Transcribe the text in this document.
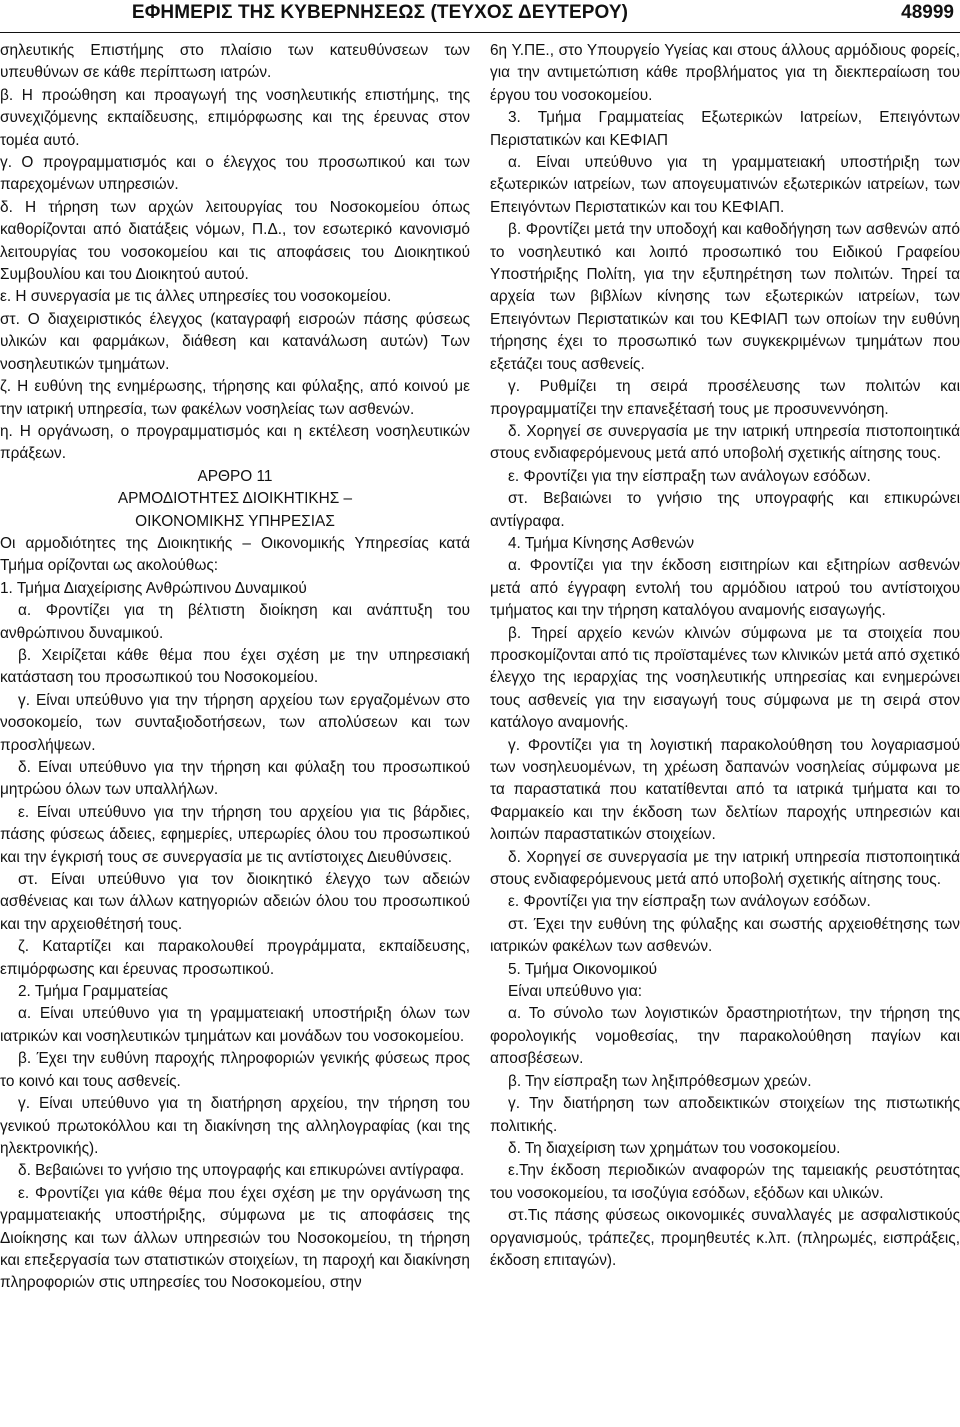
ΕΦΗΜΕΡΙΣ ΤΗΣ ΚΥΒΕΡΝΗΣΕΩΣ (ΤΕΥΧΟΣ ΔΕΥΤΕΡΟΥ)	48999

σηλευτικής Επιστήμης στο πλαίσιο των κατευθύνσεων των υπευθύνων σε κάθε περίπτωση ιατρών.

β. Η προώθηση και προαγωγή της νοσηλευτικής επιστήμης, της συνεχιζόμενης εκπαίδευσης, επιμόρφωσης και της έρευνας στον τομέα αυτό.

γ. Ο προγραμματισμός και ο έλεγχος του προσωπικού και των παρεχομένων υπηρεσιών.

δ. Η τήρηση των αρχών λειτουργίας του Νοσοκομείου όπως καθορίζονται από διατάξεις νόμων, Π.Δ., τον εσωτερικό κανονισμό λειτουργίας του νοσοκομείου και τις αποφάσεις του Διοικητικού Συμβουλίου και του Διοικητού αυτού.

ε. Η συνεργασία με τις άλλες υπηρεσίες του νοσοκομείου.

στ. Ο διαχειριστικός έλεγχος (καταγραφή εισροών πάσης φύσεως υλικών και φαρμάκων, διάθεση και κατανάλωση αυτών) Των νοσηλευτικών τμημάτων.

ζ. Η ευθύνη της ενημέρωσης, τήρησης και φύλαξης, από κοινού με την ιατρική υπηρεσία, των φακέλων νοσηλείας των ασθενών.

η. Η οργάνωση, ο προγραμματισμός και η εκτέλεση νοσηλευτικών πράξεων.

ΑΡΘΡΟ 11

ΑΡΜΟΔΙΟΤΗΤΕΣ ΔΙΟΙΚΗΤΙΚΗΣ –

ΟΙΚΟΝΟΜΙΚΗΣ ΥΠΗΡΕΣΙΑΣ

Οι αρμοδιότητες της Διοικητικής – Οικονομικής Υπηρεσίας κατά Τμήμα ορίζονται ως ακολούθως:

1. Τμήμα Διαχείρισης Ανθρώπινου Δυναμικού

α. Φροντίζει για τη βέλτιστη διοίκηση και ανάπτυξη του ανθρώπινου δυναμικού.

β. Χειρίζεται κάθε θέμα που έχει σχέση με την υπηρεσιακή κατάσταση του προσωπικού του Νοσοκομείου.

γ. Είναι υπεύθυνο για την τήρηση αρχείου των εργαζομένων στο νοσοκομείο, των συνταξιοδοτήσεων, των απολύσεων και των προσλήψεων.

δ. Είναι υπεύθυνο για την τήρηση και φύλαξη του προσωπικού μητρώου όλων των υπαλλήλων.

ε. Είναι υπεύθυνο για την τήρηση του αρχείου για τις βάρδιες, πάσης φύσεως άδειες, εφημερίες, υπερωρίες όλου του προσωπικού και την έγκρισή τους σε συνεργασία με τις αντίστοιχες Διευθύνσεις.

στ. Είναι υπεύθυνο για τον διοικητικό έλεγχο των αδειών ασθένειας και των άλλων κατηγοριών αδειών όλου του προσωπικού και την αρχειοθέτησή τους.

ζ. Καταρτίζει και παρακολουθεί προγράμματα, εκπαίδευσης, επιμόρφωσης και έρευνας προσωπικού.

2. Τμήμα Γραμματείας

α. Είναι υπεύθυνο για τη γραμματειακή υποστήριξη όλων των ιατρικών και νοσηλευτικών τμημάτων και μονάδων του νοσοκομείου.

β. Έχει την ευθύνη παροχής πληροφοριών γενικής φύσεως προς το κοινό και τους ασθενείς.

γ. Είναι υπεύθυνο για τη διατήρηση αρχείου, την τήρηση του γενικού πρωτοκόλλου και τη διακίνηση της αλληλογραφίας (και της ηλεκτρονικής).

δ. Βεβαιώνει το γνήσιο της υπογραφής και επικυρώνει αντίγραφα.

ε. Φροντίζει για κάθε θέμα που έχει σχέση με την οργάνωση της γραμματειακής υποστήριξης, σύμφωνα με τις αποφάσεις της Διοίκησης και των άλλων υπηρεσιών του Νοσοκομείου, τη τήρηση και επεξεργασία των στατιστικών στοιχείων, τη παροχή και διακίνηση πληροφοριών στις υπηρεσίες του Νοσοκομείου, στην

6η Υ.ΠΕ., στο Υπουργείο Υγείας και στους άλλους αρμόδιους φορείς, για την αντιμετώπιση κάθε προβλήματος για τη διεκπεραίωση του έργου του νοσοκομείου.

3. Τμήμα Γραμματείας Εξωτερικών Ιατρείων, Επειγόντων Περιστατικών και ΚΕΦΙΑΠ

α. Είναι υπεύθυνο για τη γραμματειακή υποστήριξη των εξωτερικών ιατρείων, των απογευματινών εξωτερικών ιατρείων, των Επειγόντων Περιστατικών και του ΚΕΦΙΑΠ.

β. Φροντίζει μετά την υποδοχή και καθοδήγηση των ασθενών από το νοσηλευτικό και λοιπό προσωπικό του Ειδικού Γραφείου Υποστήριξης Πολίτη, για την εξυπηρέτηση των πολιτών. Τηρεί τα αρχεία των βιβλίων κίνησης των εξωτερικών ιατρείων, των Επειγόντων Περιστατικών και του ΚΕΦΙΑΠ των οποίων την ευθύνη τήρησης έχει το προσωπικό των συγκεκριμένων τμημάτων που εξετάζει τους ασθενείς.

γ. Ρυθμίζει τη σειρά προσέλευσης των πολιτών και προγραμματίζει την επανεξέτασή τους με προσυνεννόηση.

δ. Χορηγεί σε συνεργασία με την ιατρική υπηρεσία πιστοποιητικά στους ενδιαφερόμενους μετά από υποβολή σχετικής αίτησης τους.

ε. Φροντίζει για την είσπραξη των ανάλογων εσόδων.

στ. Βεβαιώνει το γνήσιο της υπογραφής και επικυρώνει αντίγραφα.

4. Τμήμα Κίνησης Ασθενών

α. Φροντίζει για την έκδοση εισιτηρίων και εξιτηρίων ασθενών μετά από έγγραφη εντολή του αρμόδιου ιατρού του αντίστοιχου τμήματος και την τήρηση καταλόγου αναμονής εισαγωγής.

β. Τηρεί αρχείο κενών κλινών σύμφωνα με τα στοιχεία που προσκομίζονται από τις προϊσταμένες των κλινικών μετά από σχετικό έλεγχο της ιεραρχίας της νοσηλευτικής υπηρεσίας και ενημερώνει τους ασθενείς για την εισαγωγή τους σύμφωνα με τη σειρά στον κατάλογο αναμονής.

γ. Φροντίζει για τη λογιστική παρακολούθηση του λογαριασμού των νοσηλευομένων, τη χρέωση δαπανών νοσηλείας σύμφωνα με τα παραστατικά που κατατίθενται από τα ιατρικά τμήματα και το Φαρμακείο και την έκδοση των δελτίων παροχής υπηρεσιών και λοιπών παραστατικών στοιχείων.

δ. Χορηγεί σε συνεργασία με την ιατρική υπηρεσία πιστοποιητικά στους ενδιαφερόμενους μετά από υποβολή σχετικής αίτησης τους.

ε. Φροντίζει για την είσπραξη των ανάλογων εσόδων.

στ. Έχει την ευθύνη της φύλαξης και σωστής αρχειοθέτησης των ιατρικών φακέλων των ασθενών.

5. Τμήμα Οικονομικού

Είναι υπεύθυνο για:

α. Το σύνολο των λογιστικών δραστηριοτήτων, την τήρηση της φορολογικής νομοθεσίας, την παρακολούθηση παγίων και αποσβέσεων.

β. Την είσπραξη των ληξιπρόθεσμων χρεών.

γ. Την διατήρηση των αποδεικτικών στοιχείων της πιστωτικής πολιτικής.

δ. Τη διαχείριση των χρημάτων του νοσοκομείου.

ε.Την έκδοση περιοδικών αναφορών της ταμειακής ρευστότητας του νοσοκομείου, τα ισοζύγια εσόδων, εξόδων και υλικών.

στ.Τις πάσης φύσεως οικονομικές συναλλαγές με ασφαλιστικούς οργανισμούς, τράπεζες, προμηθευτές κ.λπ. (πληρωμές, εισπράξεις, έκδοση επιταγών).
